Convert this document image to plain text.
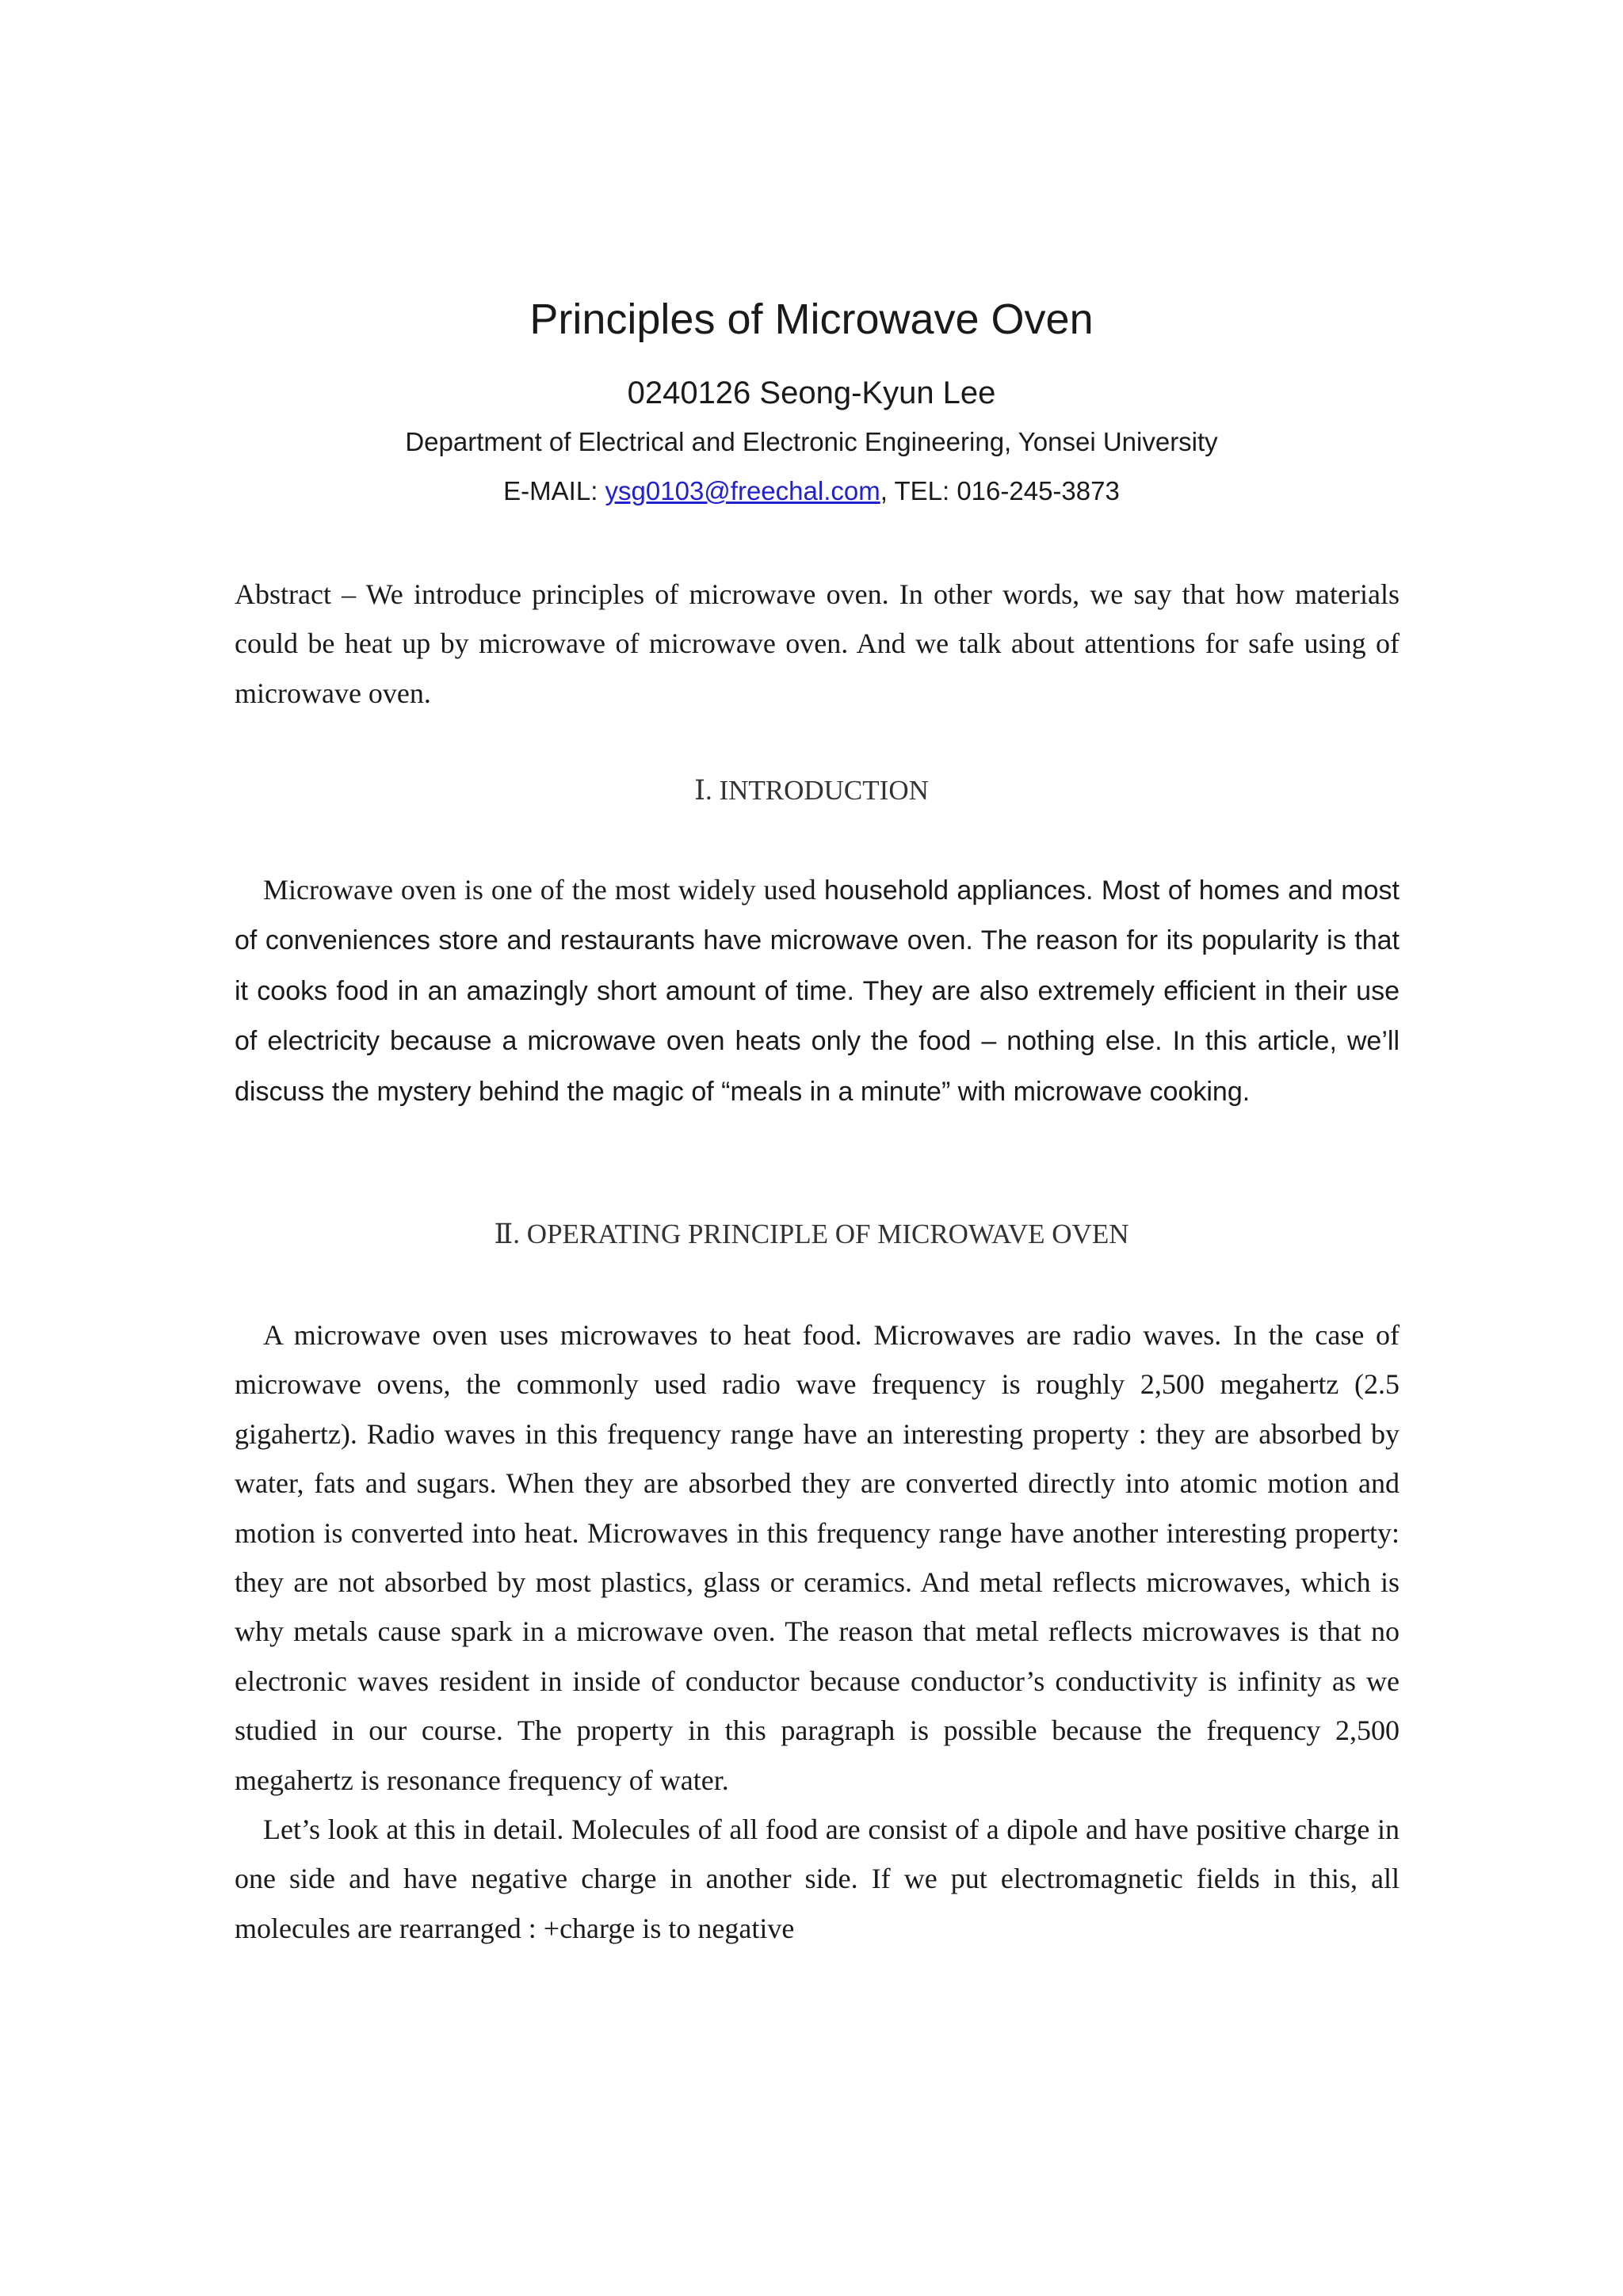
Principles of Microwave Oven
0240126 Seong-Kyun Lee
Department of Electrical and Electronic Engineering, Yonsei University
E-MAIL: ysg0103@freechal.com, TEL: 016-245-3873

Abstract – We introduce principles of microwave oven. In other words, we say that how materials could be heat up by microwave of microwave oven. And we talk about attentions for safe using of microwave oven.

Ⅰ. INTRODUCTION

Microwave oven is one of the most widely used household appliances. Most of homes and most of conveniences store and restaurants have microwave oven. The reason for its popularity is that it cooks food in an amazingly short amount of time. They are also extremely efficient in their use of electricity because a microwave oven heats only the food – nothing else. In this article, we’ll discuss the mystery behind the magic of “meals in a minute” with microwave cooking.

Ⅱ. OPERATING PRINCIPLE OF MICROWAVE OVEN

A microwave oven uses microwaves to heat food. Microwaves are radio waves. In the case of microwave ovens, the commonly used radio wave frequency is roughly 2,500 megahertz (2.5 gigahertz). Radio waves in this frequency range have an interesting property : they are absorbed by water, fats and sugars. When they are absorbed they are converted directly into atomic motion and motion is converted into heat. Microwaves in this frequency range have another interesting property: they are not absorbed by most plastics, glass or ceramics. And metal reflects microwaves, which is why metals cause spark in a microwave oven. The reason that metal reflects microwaves is that no electronic waves resident in inside of conductor because conductor’s conductivity is infinity as we studied in our course. The property in this paragraph is possible because the frequency 2,500 megahertz is resonance frequency of water.

Let’s look at this in detail. Molecules of all food are consist of a dipole and have positive charge in one side and have negative charge in another side. If we put electromagnetic fields in this, all molecules are rearranged : +charge is to negative
